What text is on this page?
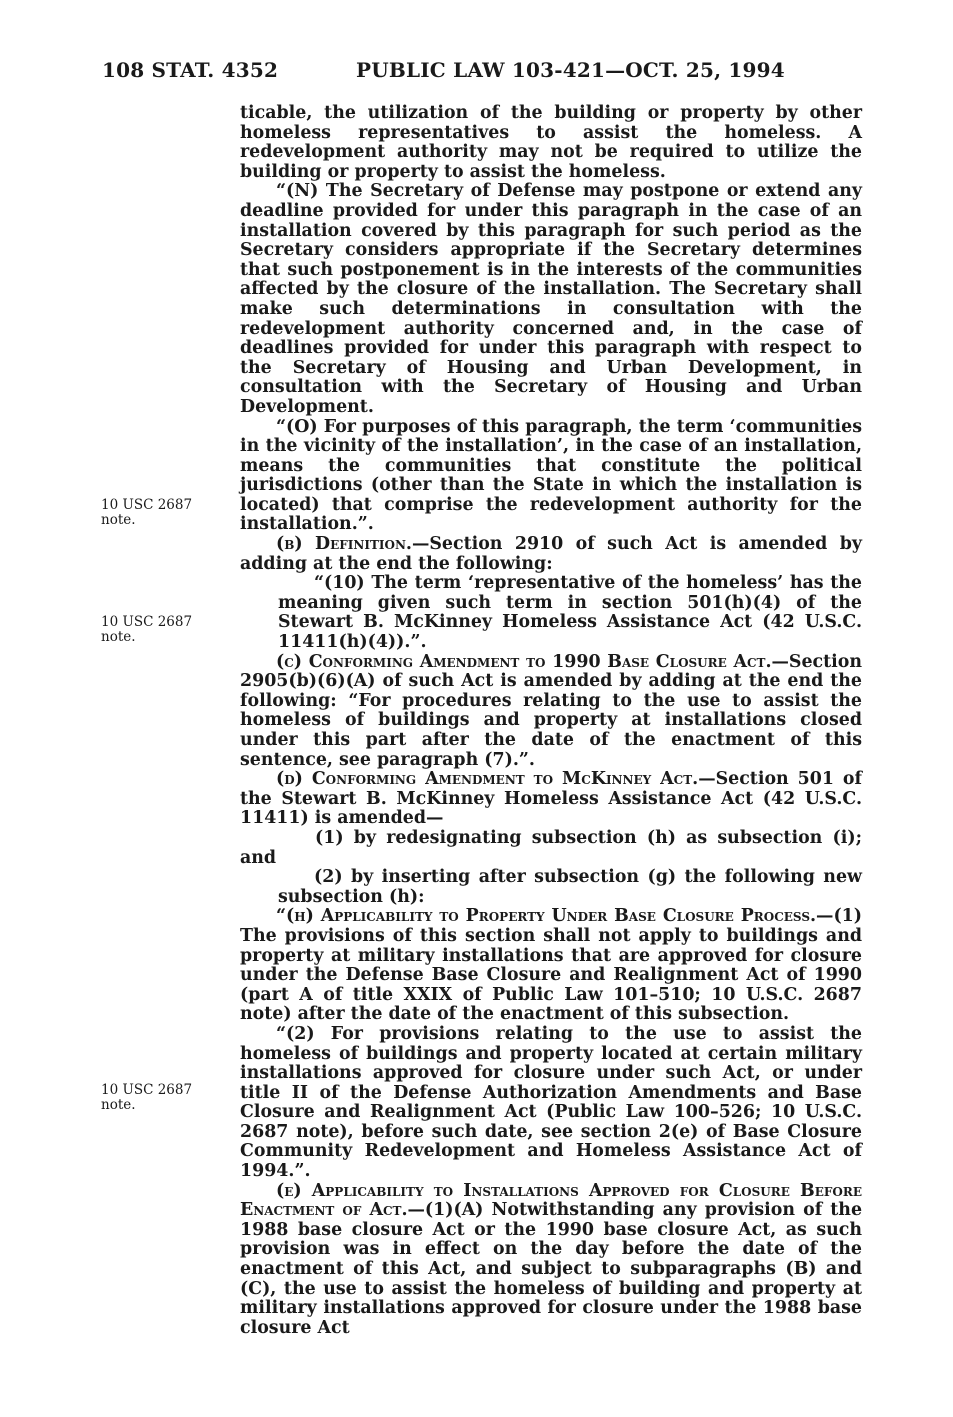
108 STAT. 4352	PUBLIC LAW 103-421—OCT. 25, 1994
10 USC 2687
note.
10 USC 2687
note.
10 USC 2687
note.

ticable, the utilization of the building or property by other homeless representatives to assist the homeless. A redevelopment authority may not be required to utilize the building or property to assist the homeless.

“(N) The Secretary of Defense may postpone or extend any deadline provided for under this paragraph in the case of an installation covered by this paragraph for such period as the Secretary considers appropriate if the Secretary determines that such postponement is in the interests of the communities affected by the closure of the installation. The Secretary shall make such determinations in consultation with the redevelopment authority concerned and, in the case of deadlines provided for under this paragraph with respect to the Secretary of Housing and Urban Development, in consultation with the Secretary of Housing and Urban Development.

“(O) For purposes of this paragraph, the term ‘communities in the vicinity of the installation’, in the case of an installation, means the communities that constitute the political jurisdictions (other than the State in which the installation is located) that comprise the redevelopment authority for the installation.”.

(b) Definition.—Section 2910 of such Act is amended by adding at the end the following:

“(10) The term ‘representative of the homeless’ has the meaning given such term in section 501(h)(4) of the Stewart B. McKinney Homeless Assistance Act (42 U.S.C. 11411(h)(4)).”.

(c) Conforming Amendment to 1990 Base Closure Act.—Section 2905(b)(6)(A) of such Act is amended by adding at the end the following: “For procedures relating to the use to assist the homeless of buildings and property at installations closed under this part after the date of the enactment of this sentence, see paragraph (7).”.

(d) Conforming Amendment to McKinney Act.—Section 501 of the Stewart B. McKinney Homeless Assistance Act (42 U.S.C. 11411) is amended—

(1) by redesignating subsection (h) as subsection (i); and

(2) by inserting after subsection (g) the following new subsection (h):

“(h) Applicability to Property Under Base Closure Process.—(1) The provisions of this section shall not apply to buildings and property at military installations that are approved for closure under the Defense Base Closure and Realignment Act of 1990 (part A of title XXIX of Public Law 101–510; 10 U.S.C. 2687 note) after the date of the enactment of this subsection.

“(2) For provisions relating to the use to assist the homeless of buildings and property located at certain military installations approved for closure under such Act, or under title II of the Defense Authorization Amendments and Base Closure and Realignment Act (Public Law 100–526; 10 U.S.C. 2687 note), before such date, see section 2(e) of Base Closure Community Redevelopment and Homeless Assistance Act of 1994.”.

(e) Applicability to Installations Approved for Closure Before Enactment of Act.—(1)(A) Notwithstanding any provision of the 1988 base closure Act or the 1990 base closure Act, as such provision was in effect on the day before the date of the enactment of this Act, and subject to subparagraphs (B) and (C), the use to assist the homeless of building and property at military installations approved for closure under the 1988 base closure Act
